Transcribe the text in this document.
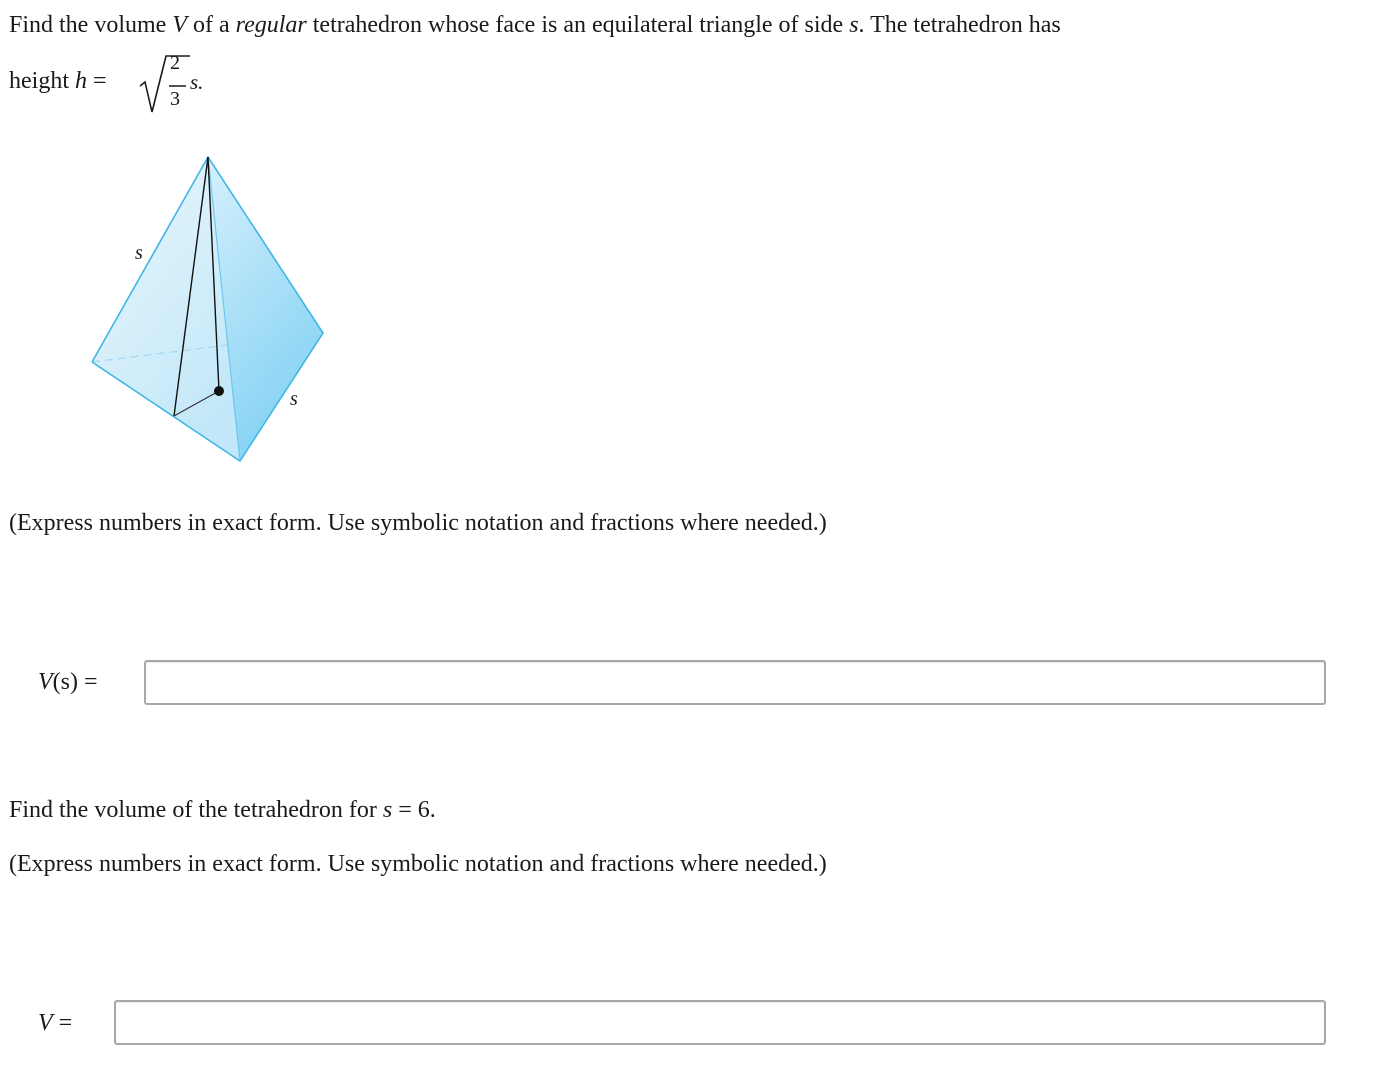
Find the volume V of a regular tetrahedron whose face is an equilateral triangle of side s. The tetrahedron has
height h =
2
3
s.
s
s
(Express numbers in exact form. Use symbolic notation and fractions where needed.)
V(s) =
Find the volume of the tetrahedron for s = 6.
(Express numbers in exact form. Use symbolic notation and fractions where needed.)
V =
